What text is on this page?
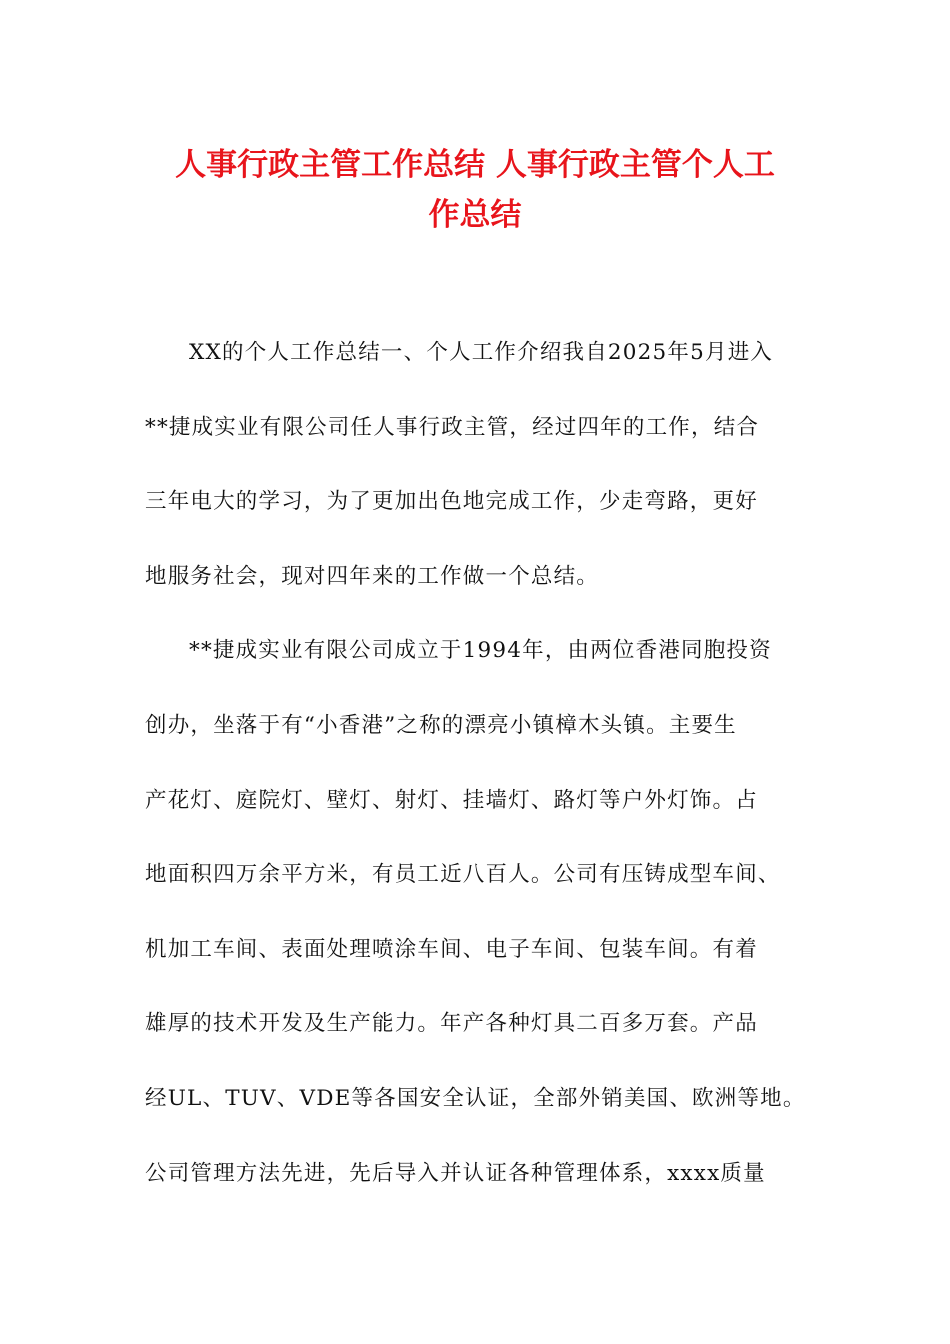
人事行政主管工作总结 人事行政主管个人工
作总结
XX的个人工作总结一、个人工作介绍我自2025年5月进入
**捷成实业有限公司任人事行政主管，经过四年的工作，结合
三年电大的学习，为了更加出色地完成工作，少走弯路，更好
地服务社会，现对四年来的工作做一个总结。
**捷成实业有限公司成立于1994年，由两位香港同胞投资
创办，坐落于有“小香港”之称的漂亮小镇樟木头镇。主要生
产花灯、庭院灯、壁灯、射灯、挂墙灯、路灯等户外灯饰。占
地面积四万余平方米，有员工近八百人。公司有压铸成型车间、
机加工车间、表面处理喷涂车间、电子车间、包装车间。有着
雄厚的技术开发及生产能力。年产各种灯具二百多万套。产品
经UL、TUV、VDE等各国安全认证，全部外销美国、欧洲等地。
公司管理方法先进，先后导入并认证各种管理体系，xxxx质量
